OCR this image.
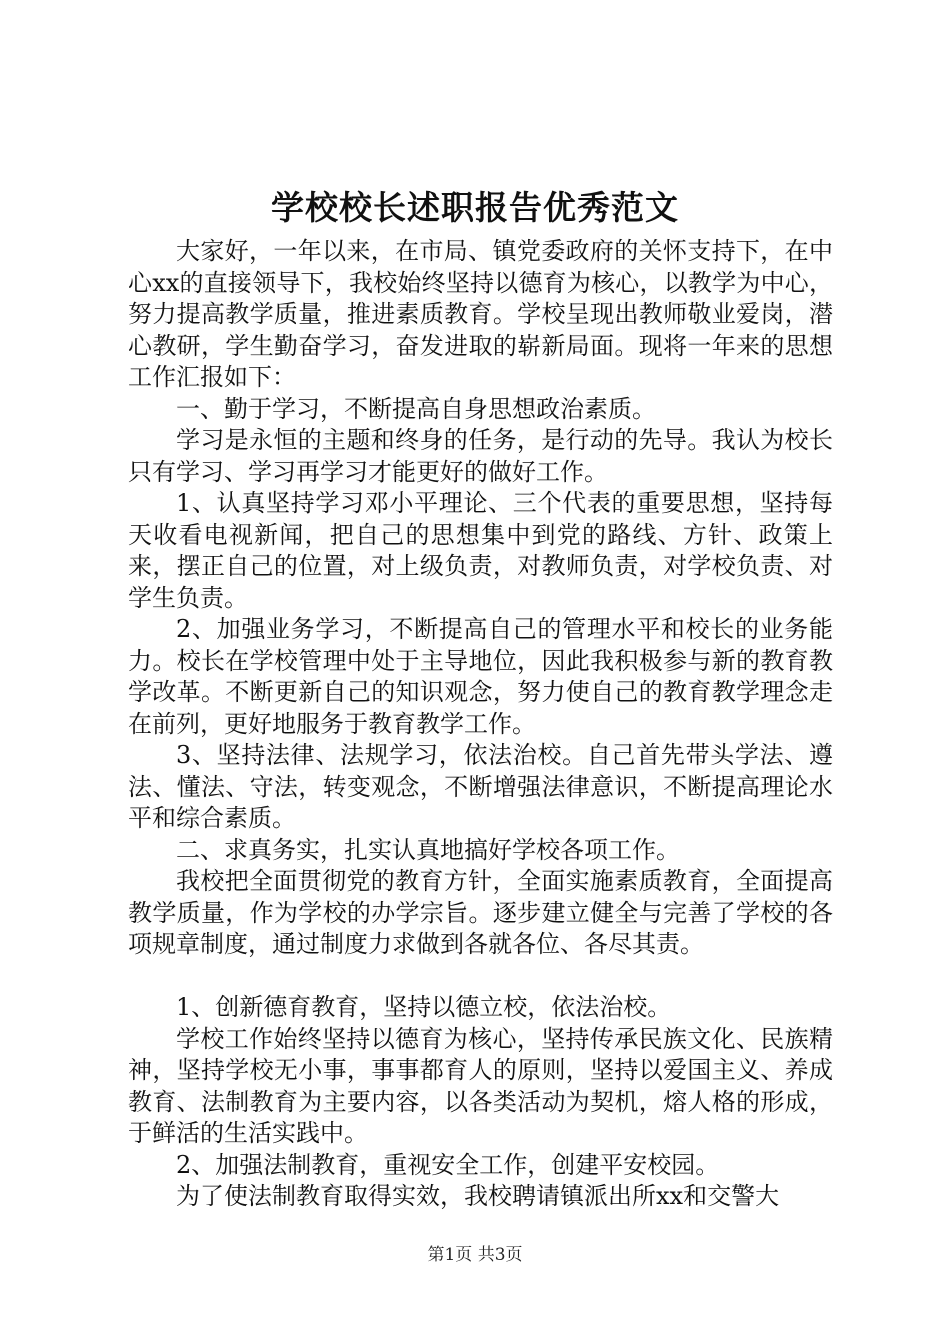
学校校长述职报告优秀范文

大家好，一年以来，在市局、镇党委政府的关怀支持下，在中心xx的直接领导下，我校始终坚持以德育为核心，以教学为中心，努力提高教学质量，推进素质教育。学校呈现出教师敬业爱岗，潜心教研，学生勤奋学习，奋发进取的崭新局面。现将一年来的思想工作汇报如下：

一、勤于学习，不断提高自身思想政治素质。

学习是永恒的主题和终身的任务，是行动的先导。我认为校长只有学习、学习再学习才能更好的做好工作。

1、认真坚持学习邓小平理论、三个代表的重要思想，坚持每天收看电视新闻，把自己的思想集中到党的路线、方针、政策上来，摆正自己的位置，对上级负责，对教师负责，对学校负责、对学生负责。

2、加强业务学习，不断提高自己的管理水平和校长的业务能力。校长在学校管理中处于主导地位，因此我积极参与新的教育教学改革。不断更新自己的知识观念，努力使自己的教育教学理念走在前列，更好地服务于教育教学工作。

3、坚持法律、法规学习，依法治校。自己首先带头学法、遵法、懂法、守法，转变观念，不断增强法律意识，不断提高理论水平和综合素质。

二、求真务实，扎实认真地搞好学校各项工作。

我校把全面贯彻党的教育方针，全面实施素质教育，全面提高教学质量，作为学校的办学宗旨。逐步建立健全与完善了学校的各项规章制度，通过制度力求做到各就各位、各尽其责。

1、创新德育教育，坚持以德立校，依法治校。

学校工作始终坚持以德育为核心，坚持传承民族文化、民族精神，坚持学校无小事，事事都育人的原则，坚持以爱国主义、养成教育、法制教育为主要内容，以各类活动为契机，熔人格的形成，于鲜活的生活实践中。

2、加强法制教育，重视安全工作，创建平安校园。

为了使法制教育取得实效，我校聘请镇派出所xx和交警大

第1页 共3页
